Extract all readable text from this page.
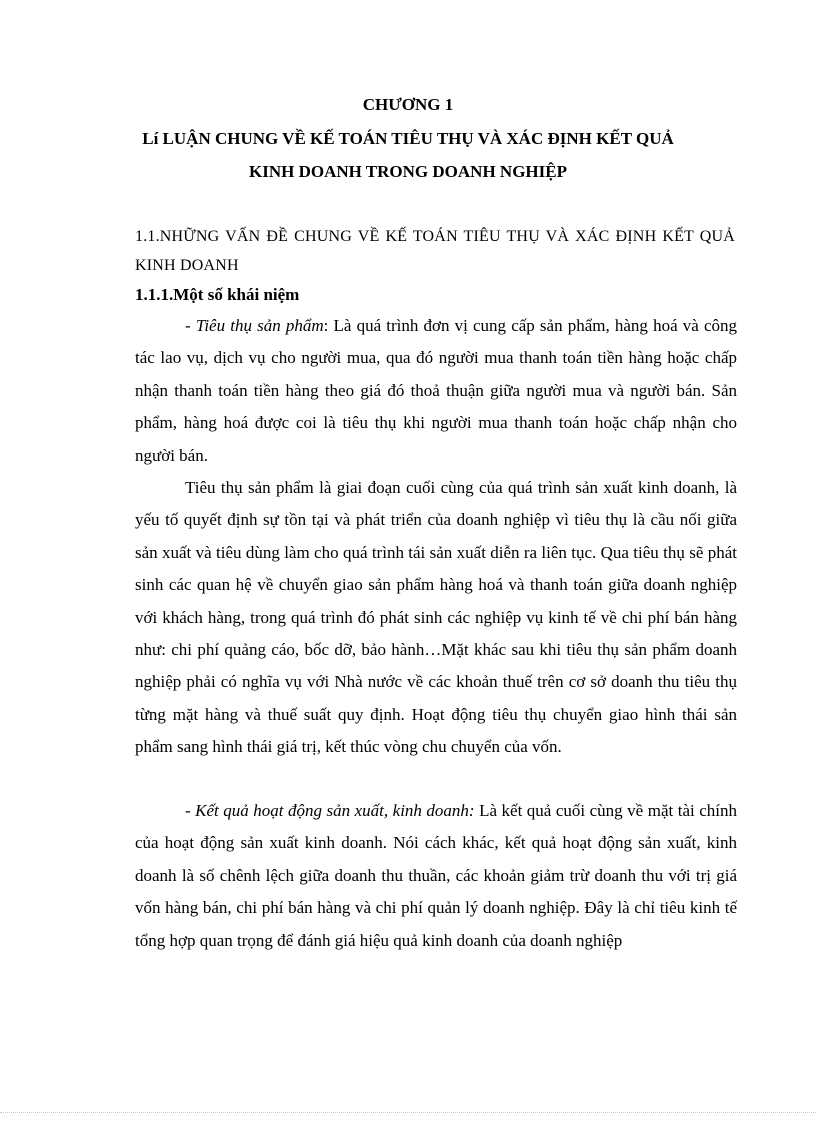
CHƯƠNG 1
Lí LUẬN CHUNG VỀ KẾ TOÁN TIÊU THỤ VÀ XÁC ĐỊNH KẾT QUẢ
KINH DOANH TRONG DOANH NGHIỆP
1.1.NHỮNG VẤN ĐỀ CHUNG VỀ KẾ TOÁN TIÊU THỤ VÀ XÁC ĐỊNH KẾT QUẢ KINH DOANH
1.1.1.Một số khái niệm

- Tiêu thụ sản phẩm: Là quá trình đơn vị cung cấp sản phẩm, hàng hoá và công tác lao vụ, dịch vụ cho người mua, qua đó người mua thanh toán tiền hàng hoặc chấp nhận thanh toán tiền hàng theo giá đó thoả thuận giữa người mua và người bán. Sản phẩm, hàng hoá được coi là tiêu thụ khi người mua thanh toán hoặc chấp nhận cho người bán.

Tiêu thụ sản phẩm là giai đoạn cuối cùng của quá trình sản xuất kinh doanh, là yếu tố quyết định sự tồn tại và phát triển của doanh nghiệp vì tiêu thụ là cầu nối giữa sản xuất và tiêu dùng làm cho quá trình tái sản xuất diễn ra liên tục. Qua tiêu thụ sẽ phát sinh các quan hệ về chuyển giao sản phẩm hàng hoá và thanh toán giữa doanh nghiệp với khách hàng, trong quá trình đó phát sinh các nghiệp vụ kinh tế về chi phí bán hàng như: chi phí quảng cáo, bốc dỡ, bảo hành…Mặt khác sau khi tiêu thụ sản phẩm doanh nghiệp phải có nghĩa vụ với Nhà nước về các khoản thuế trên cơ sở doanh thu tiêu thụ từng mặt hàng và thuế suất quy định. Hoạt động tiêu thụ chuyển giao hình thái sản phẩm sang hình thái giá trị, kết thúc vòng chu chuyển của vốn.

- Kết quả hoạt động sản xuất, kinh doanh: Là kết quả cuối cùng về mặt tài chính của hoạt động sản xuất kinh doanh. Nói cách khác, kết quả hoạt động sản xuất, kinh doanh là số chênh lệch giữa doanh thu thuần, các khoản giảm trừ doanh thu với trị giá vốn hàng bán, chi phí bán hàng và chi phí quản lý doanh nghiệp. Đây là chỉ tiêu kinh tế tổng hợp quan trọng để đánh giá hiệu quả kinh doanh của doanh nghiệp
